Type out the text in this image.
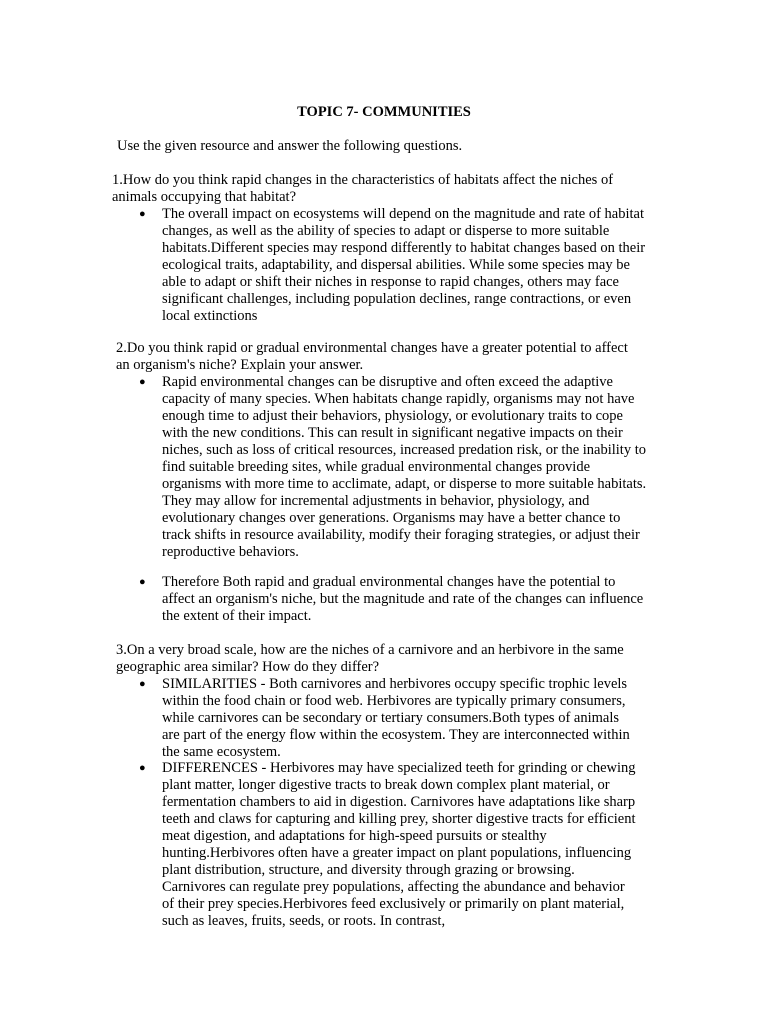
TOPIC 7- COMMUNITIES

Use the given resource and answer the following questions.

1.How do you think rapid changes in the characteristics of habitats affect the niches of animals occupying that habitat?

● The overall impact on ecosystems will depend on the magnitude and rate of habitat changes, as well as the ability of species to adapt or disperse to more suitable habitats.Different species may respond differently to habitat changes based on their ecological traits, adaptability, and dispersal abilities. While some species may be able to adapt or shift their niches in response to rapid changes, others may face significant challenges, including population declines, range contractions, or even local extinctions

2.Do you think rapid or gradual environmental changes have a greater potential to affect an organism's niche? Explain your answer.

● Rapid environmental changes can be disruptive and often exceed the adaptive capacity of many species. When habitats change rapidly, organisms may not have enough time to adjust their behaviors, physiology, or evolutionary traits to cope with the new conditions. This can result in significant negative impacts on their niches, such as loss of critical resources, increased predation risk, or the inability to find suitable breeding sites, while gradual environmental changes provide organisms with more time to acclimate, adapt, or disperse to more suitable habitats. They may allow for incremental adjustments in behavior, physiology, and evolutionary changes over generations. Organisms may have a better chance to track shifts in resource availability, modify their foraging strategies, or adjust their reproductive behaviors.

● Therefore Both rapid and gradual environmental changes have the potential to affect an organism's niche, but the magnitude and rate of the changes can influence the extent of their impact.

3.On a very broad scale, how are the niches of a carnivore and an herbivore in the same geographic area similar? How do they differ?

● SIMILARITIES - Both carnivores and herbivores occupy specific trophic levels within the food chain or food web. Herbivores are typically primary consumers, while carnivores can be secondary or tertiary consumers.Both types of animals are part of the energy flow within the ecosystem. They are interconnected within the same ecosystem.

● DIFFERENCES - Herbivores may have specialized teeth for grinding or chewing plant matter, longer digestive tracts to break down complex plant material, or fermentation chambers to aid in digestion. Carnivores have adaptations like sharp teeth and claws for capturing and killing prey, shorter digestive tracts for efficient meat digestion, and adaptations for high-speed pursuits or stealthy hunting.Herbivores often have a greater impact on plant populations, influencing plant distribution, structure, and diversity through grazing or browsing. Carnivores can regulate prey populations, affecting the abundance and behavior of their prey species.Herbivores feed exclusively or primarily on plant material, such as leaves, fruits, seeds, or roots. In contrast,
